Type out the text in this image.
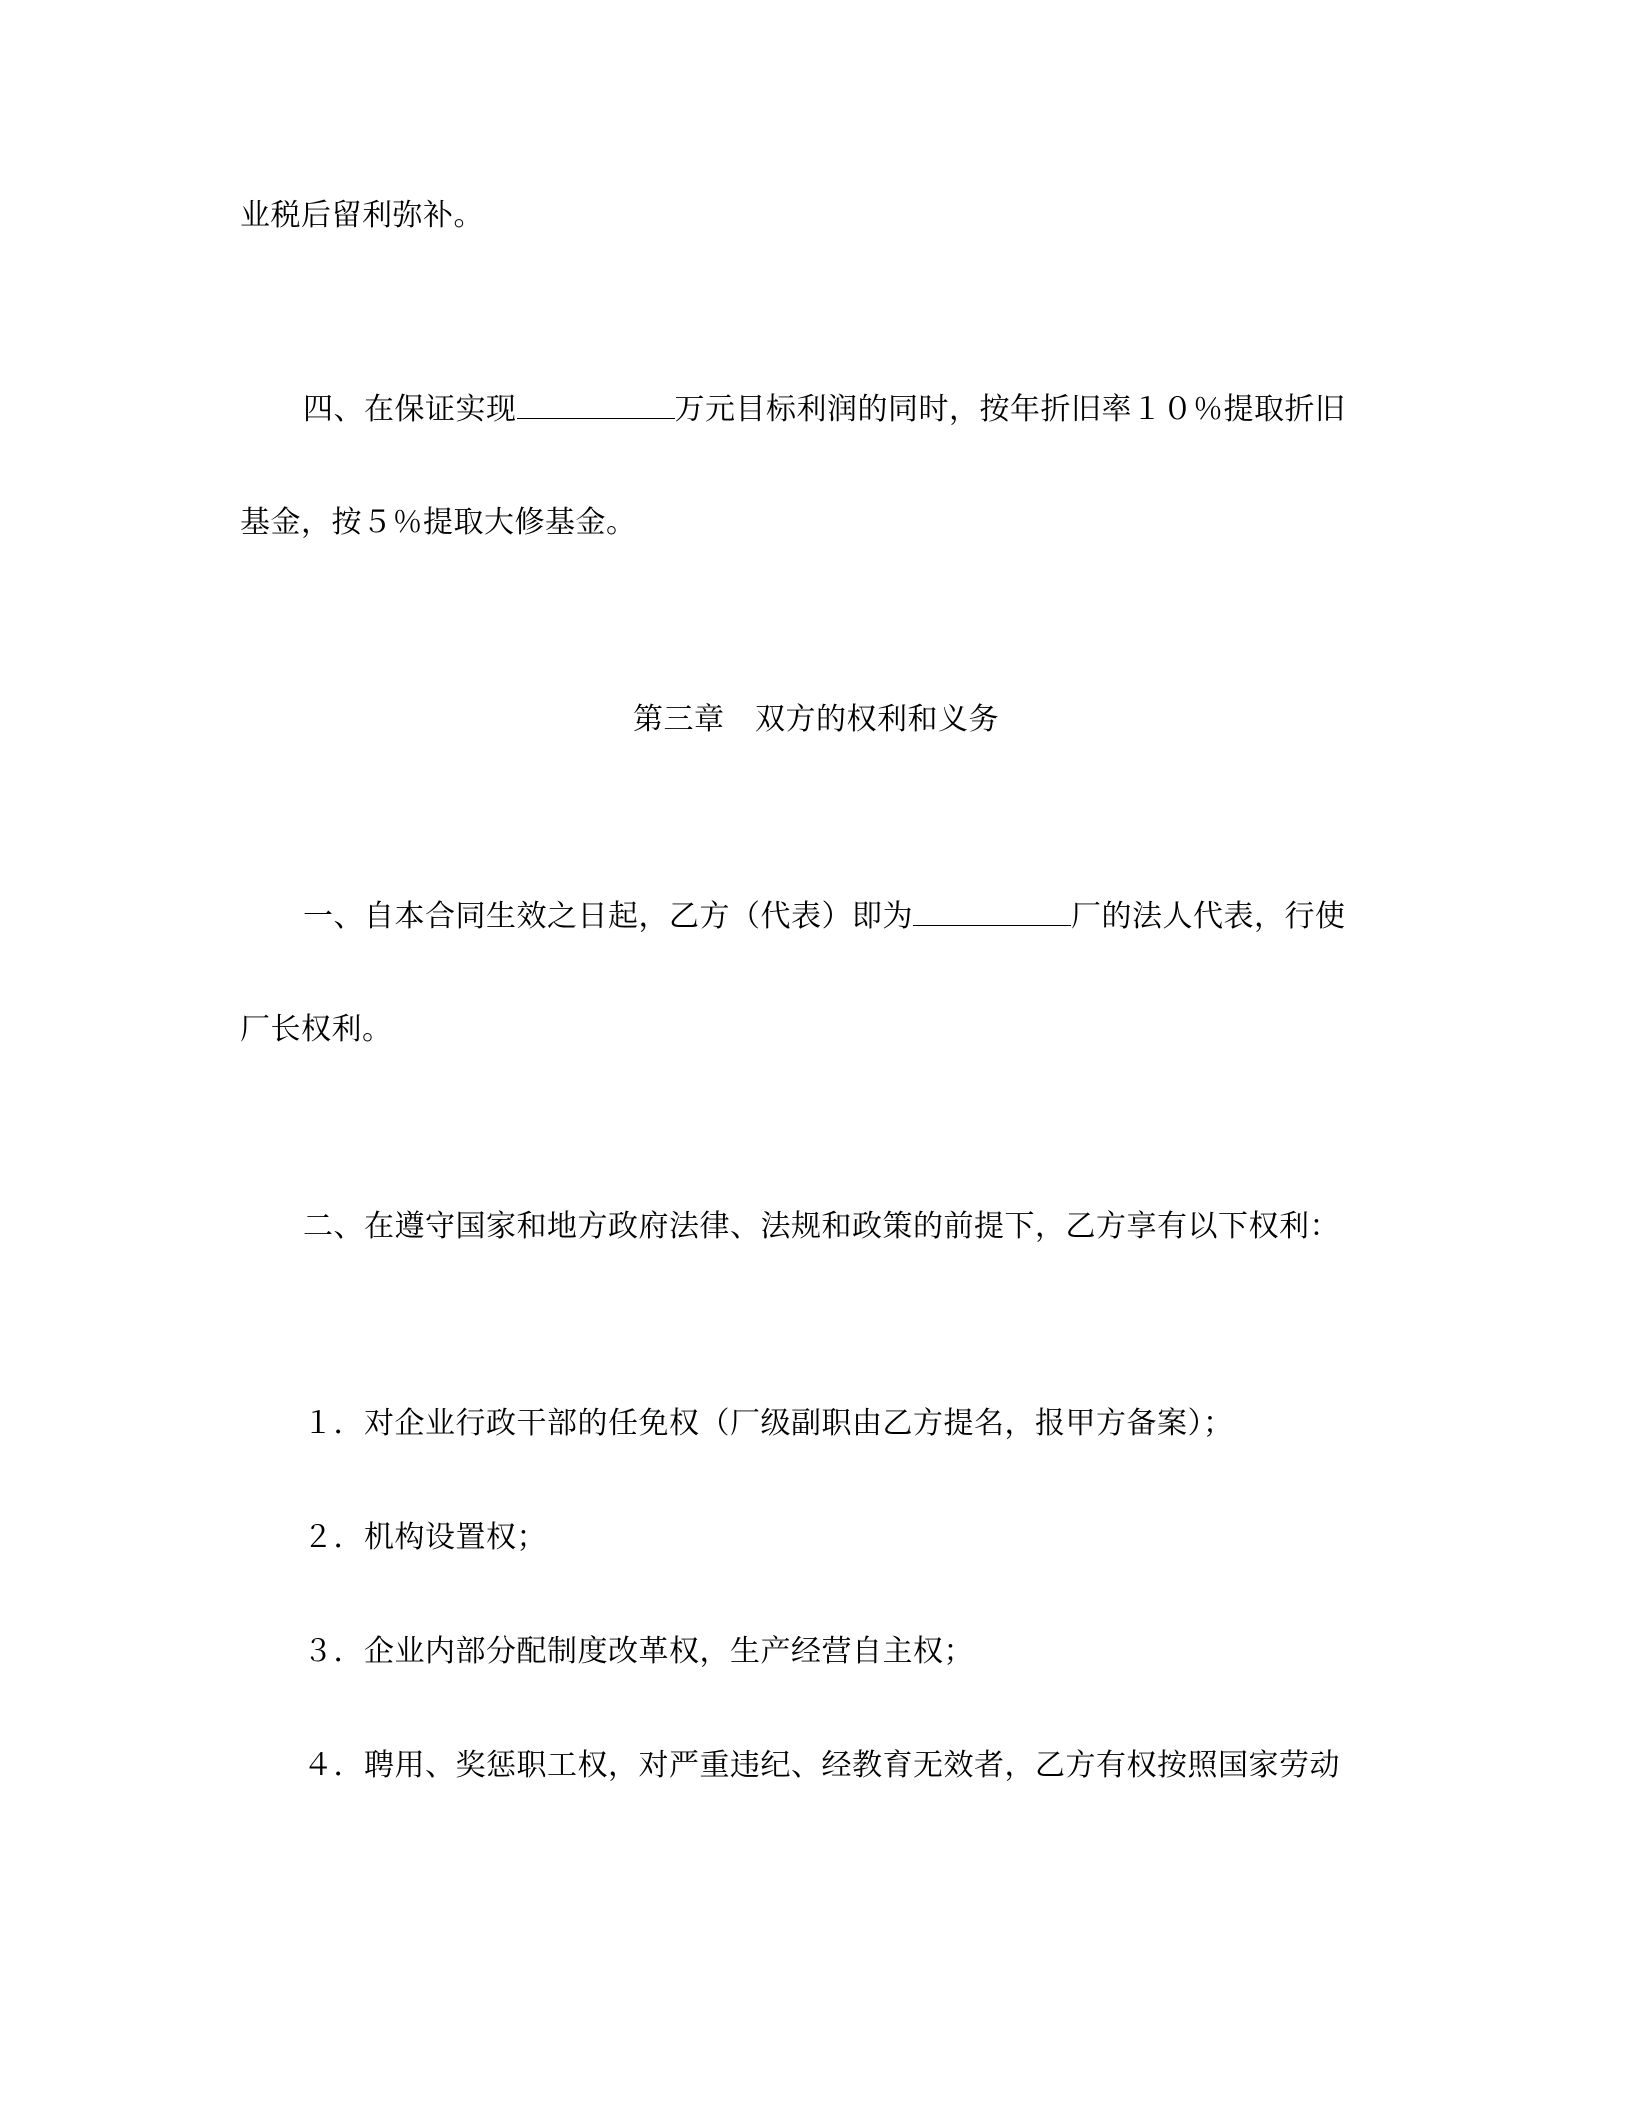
业税后留利弥补。
四、在保证实现	万元目标利润的同时，按年折旧率１０％提取折旧
基金，按５％提取大修基金。
第三章　双方的权利和义务
一、自本合同生效之日起，乙方（代表）即为	厂的法人代表，行使
厂长权利。
二、在遵守国家和地方政府法律、法规和政策的前提下，乙方享有以下权利：
１．对企业行政干部的任免权（厂级副职由乙方提名，报甲方备案）；
２．机构设置权；
３．企业内部分配制度改革权，生产经营自主权；
４．聘用、奖惩职工权，对严重违纪、经教育无效者，乙方有权按照国家劳动
